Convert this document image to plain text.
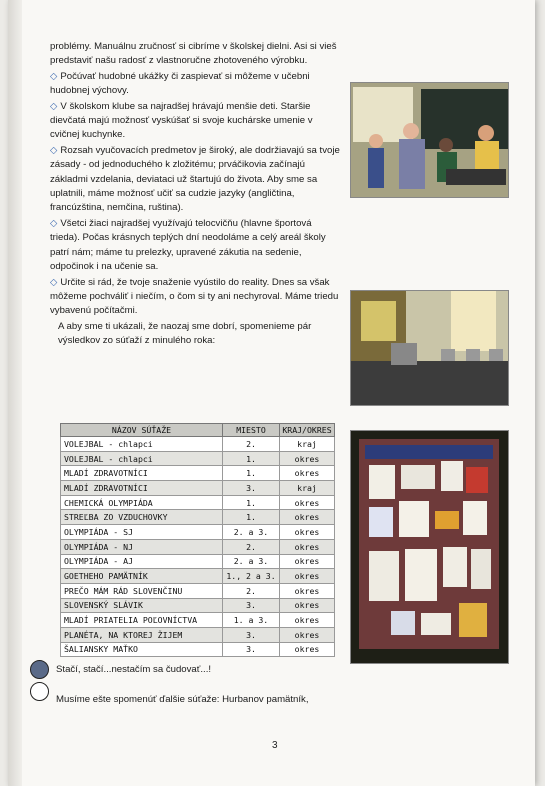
problémy. Manuálnu zručnosť si cibríme v školskej dielni. Asi si vieš predstaviť našu radosť z vlastnoručne zhotoveného výrobku.

◇ Počúvať hudobné ukážky či zaspievať si môžeme v učebni hudobnej výchovy.

◇ V školskom klube sa najradšej hrávajú menšie deti. Staršie dievčatá majú možnosť vyskúšať si svoje kuchárske umenie v cvičnej kuchynke.

◇ Rozsah vyučovacích predmetov je široký, ale dodržiavajú sa tvoje zásady - od jednoduchého k zložitému; prváčikovia začínajú základmi vzdelania, deviataci už štartujú do života. Aby sme sa uplatnili, máme možnosť učiť sa cudzie jazyky (angličtina, francúzština, nemčina, ruština).

◇ Všetci žiaci najradšej využívajú telocvičňu (hlavne športová trieda). Počas krásnych teplých dní neodoláme a celý areál školy patrí nám; máme tu prelezky, upravené zákutia na sedenie, odpočinok i na učenie sa.

◇ Určite si rád, že tvoje snaženie vyústilo do reality. Dnes sa však môžeme pochváliť i niečím, o čom si ty ani nechyroval. Máme triedu vybavenú počítačmi.

A aby sme ti ukázali, že naozaj sme dobrí, spomenieme pár výsledkov zo súťaží z minulého roka:

NÁZOV SÚŤAŽE	MIESTO	KRAJ/OKRES
VOLEJBAL - chlapci	2.	kraj
VOLEJBAL - chlapci	1.	okres
MLADÍ ZDRAVOTNÍCI	1.	okres
MLADÍ ZDRAVOTNÍCI	3.	kraj
CHEMICKÁ OLYMPIÁDA	1.	okres
STREĽBA ZO VZDUCHOVKY	1.	okres
OLYMPIÁDA - SJ	2. a 3.	okres
OLYMPIÁDA - NJ	2.	okres
OLYMPIÁDA - AJ	2. a 3.	okres
GOETHEHO PAMÄTNÍK	1., 2 a 3.	okres
PREČO MÁM RÁD SLOVENČINU	2.	okres
SLOVENSKÝ SLÁVIK	3.	okres
MLADÍ PRIATELIA POĽOVNÍCTVA	1. a 3.	okres
PLANÉTA, NA KTOREJ ŽIJEM	3.	okres
ŠALIANSKY MAŤKO	3.	okres
Stačí, stačí...nestačím sa čudovať...!
Musíme ešte spomenúť ďalšie súťaže: Hurbanov pamätník,
3
